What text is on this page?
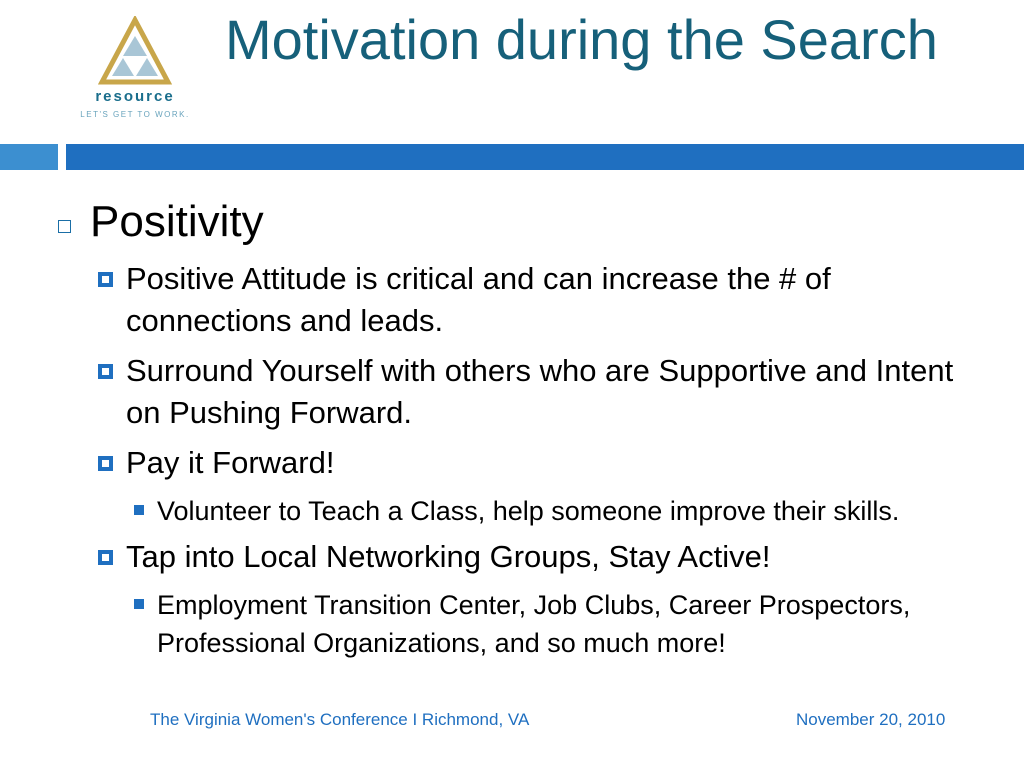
resource
LET'S GET TO WORK.
Motivation during the Search
Positivity
Positive Attitude is critical and can increase the # of connections and leads.
Surround Yourself with others who are Supportive and Intent on Pushing Forward.
Pay it Forward!
Volunteer to Teach a Class, help someone improve their skills.
Tap into Local Networking Groups, Stay Active!
Employment Transition Center, Job Clubs, Career Prospectors, Professional Organizations, and so much more!
The Virginia Women's Conference I Richmond, VA	November 20, 2010
